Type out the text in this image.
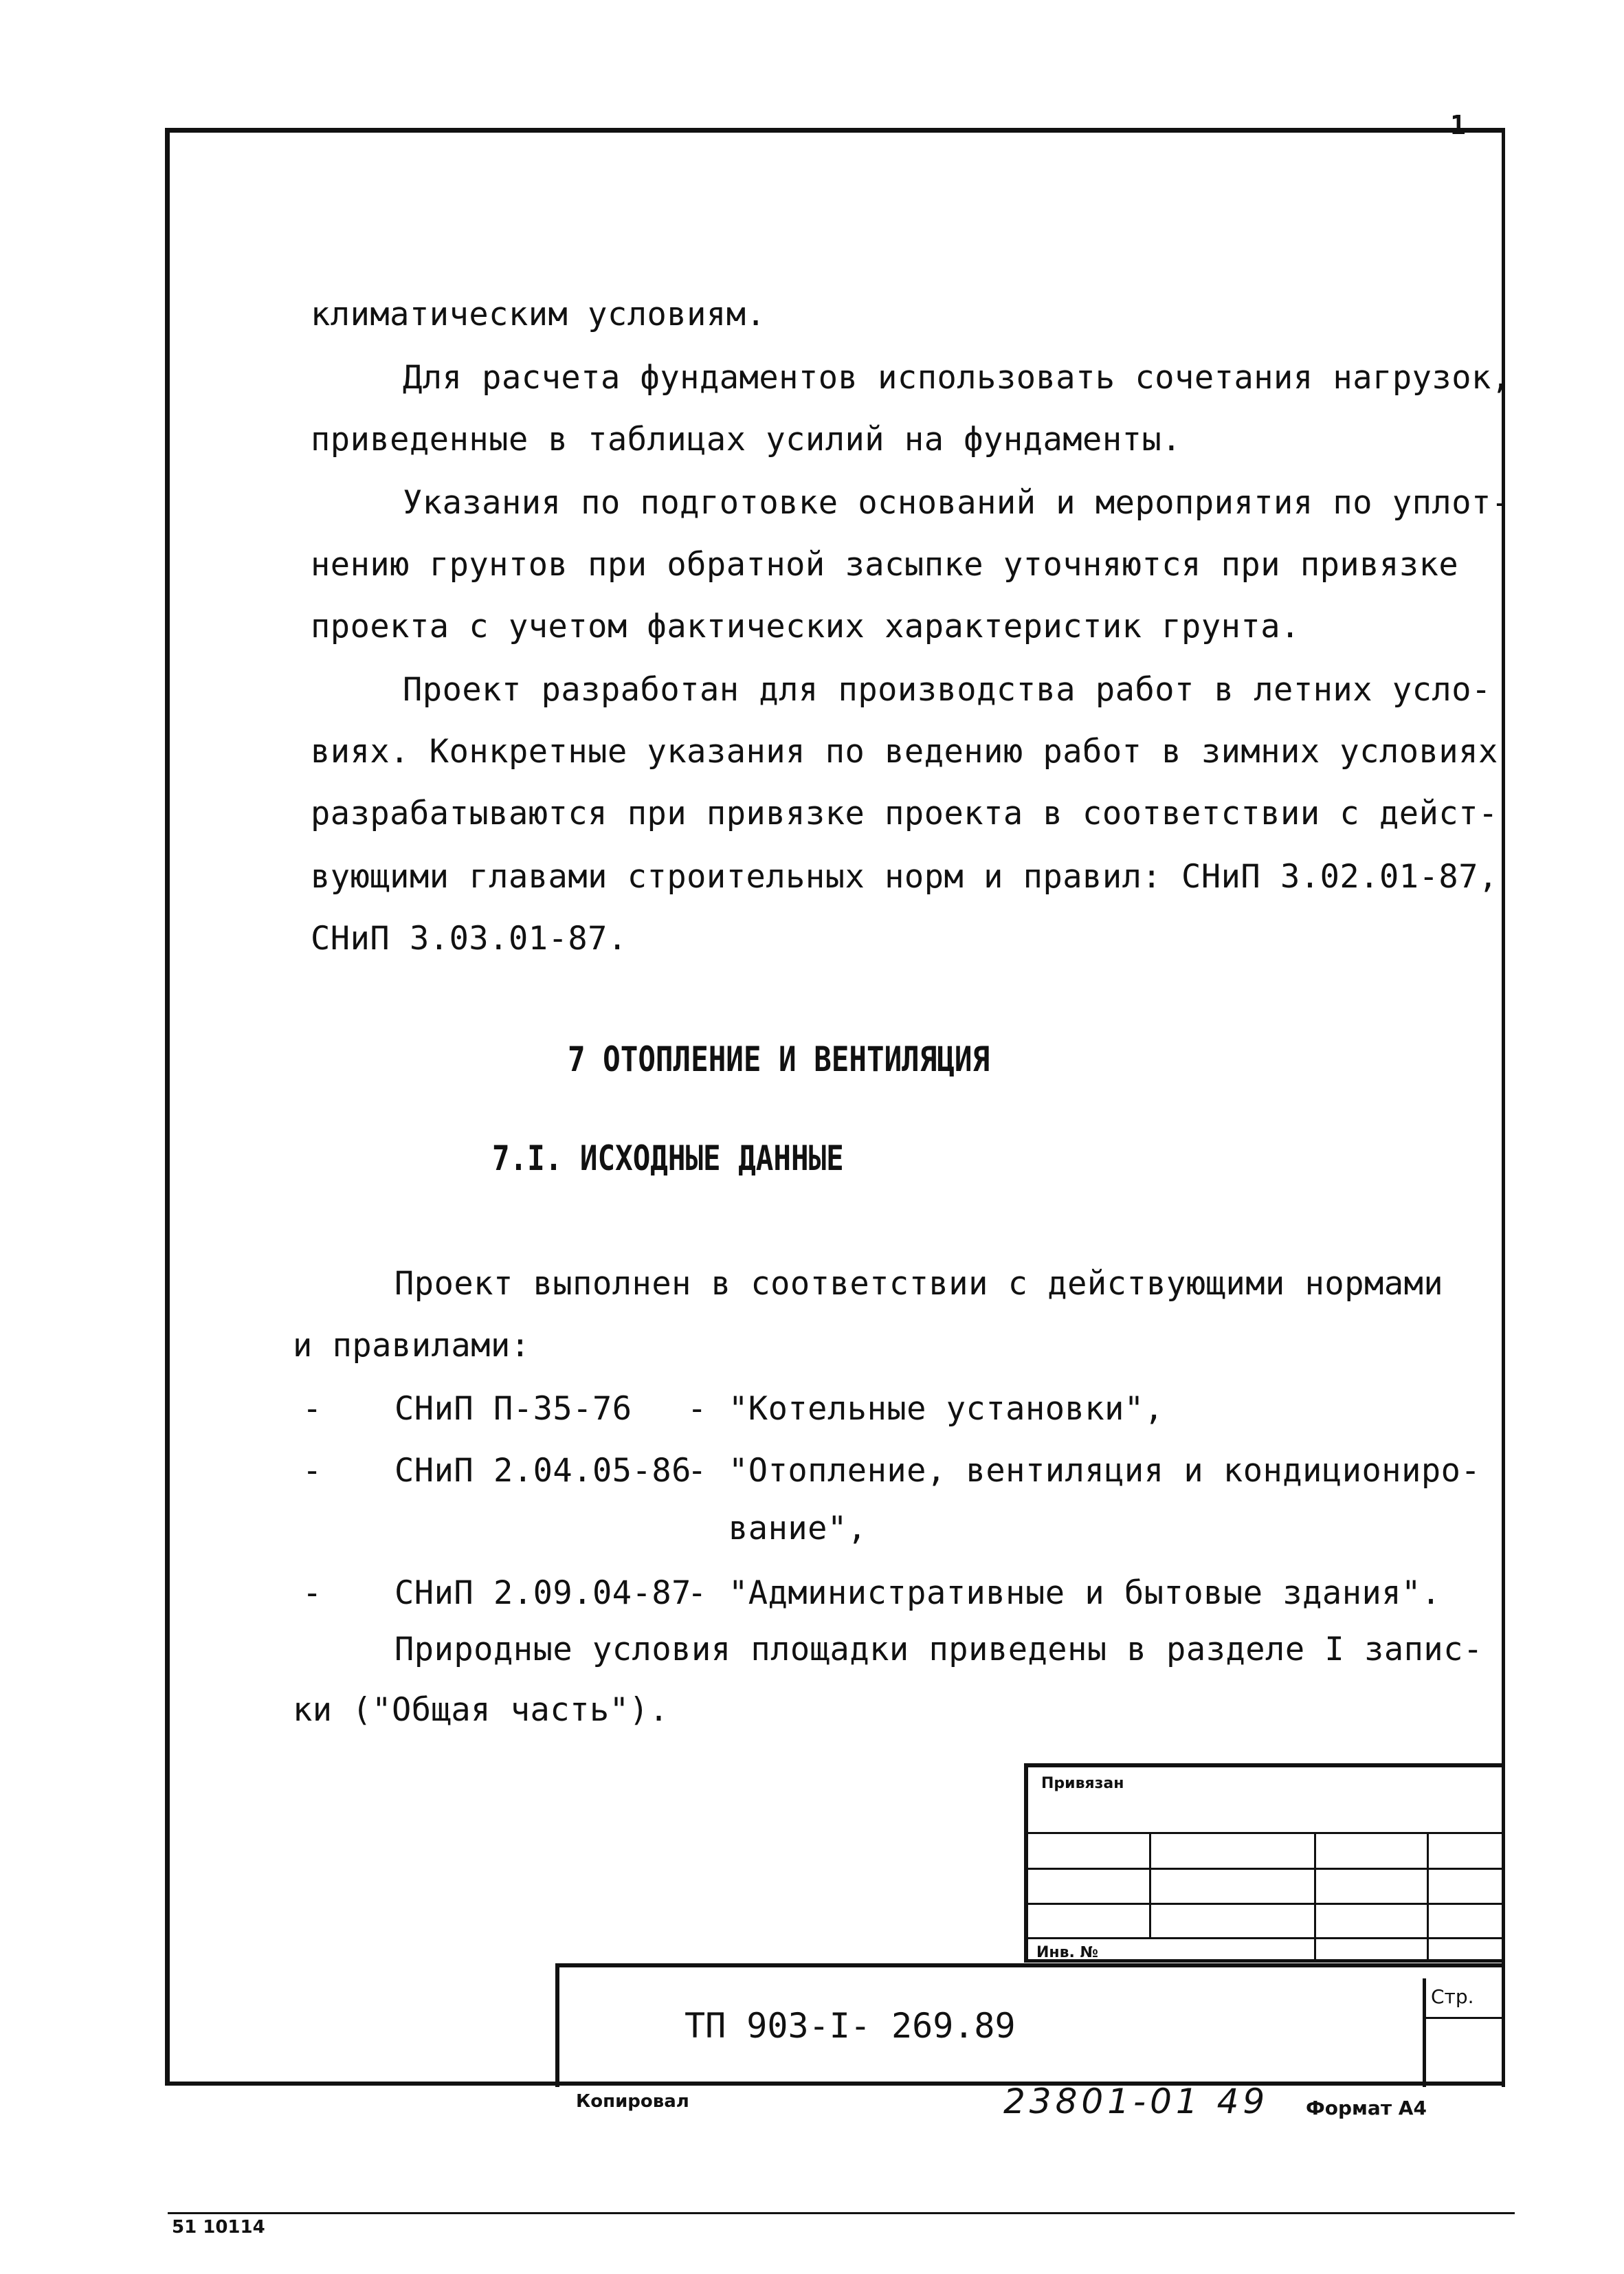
1
климатическим условиям.
Для расчета фундаментов использовать сочетания нагрузок,
приведенные в таблицах усилий на фундаменты.
Указания по подготовке оснований и мероприятия по уплот-
нению грунтов при обратной засыпке уточняются при привязке
проекта с учетом фактических характеристик грунта.
Проект разработан для производства работ в летних усло-
виях. Конкретные указания по ведению работ в зимних условиях
разрабатываются при привязке проекта в соответствии с дейст-
вующими главами строительных норм и правил: СНиП 3.02.01-87,
СНиП 3.03.01-87.
7 ОТОПЛЕНИЕ И ВЕНТИЛЯЦИЯ
7.I. ИСХОДНЫЕ ДАННЫЕ
Проект выполнен в соответствии с действующими нормами
и правилами:
- СНиП П-35-76 - "Котельные установки",
- СНиП 2.04.05-86
- "Отопление, вентиляция и кондициониро-
вание",
- СНиП 2.09.04-87
- "Административные и бытовые здания".
Природные условия площадки приведены в разделе I запис-
ки ("Общая часть").
Привязан
Инв. №
Стр.
ТП 903-I- 269.89
Копировал	23801-01 49 Формат А4
51 10114
